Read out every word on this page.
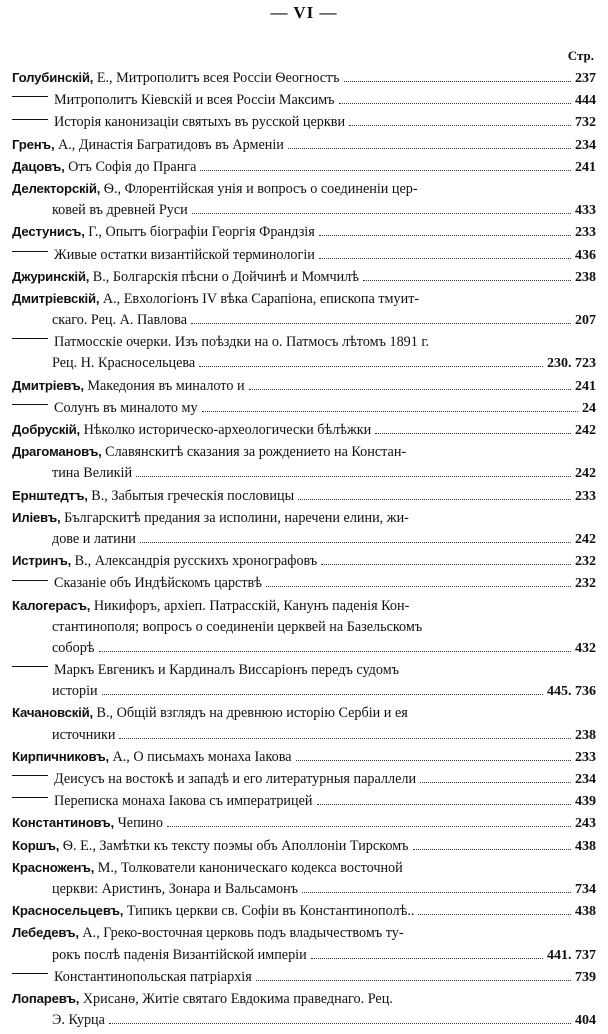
— VI —
Стр.
Голубинскій, Е., Митрополитъ всея Россіи Ѳеогностъ	237
Митрополитъ Кіевскій и всея Россіи Максимъ	444
Исторія канонизаціи святыхъ въ русской церкви	732
Гренъ, А., Династія Багратидовъ въ Арменіи	234
Дацовъ, Отъ Софія до Пранга	241
Делекторскій, Ѳ., Флорентійская унія и вопросъ о соединеніи цер-
ковей въ древней Руси	433
Дестунисъ, Г., Опытъ біографіи Георгія Франдзія	233
Живые остатки византійской терминологіи	436
Джуринскій, В., Болгарскія пѣсни о Дойчинѣ и Момчилѣ	238
Дмитріевскій, А., Евхологіонъ IV вѣка Сарапіона, епископа тмуит-
скаго. Рец. А. Павлова	207
Патмосскіе очерки. Изъ поѣздки на о. Патмосъ лѣтомъ 1891 г.
Рец. Н. Красносельцева	230. 723
Дмитріевъ, Македония въ миналото и	241
Солунъ въ миналото му	24
Добрускій, Нѣколко историческо-археологически бѣлѣжки	242
Драгомановъ, Славянскитѣ сказания за рождението на Констан-
тина Великій	242
Ернштедтъ, В., Забытыя греческія пословицы	233
Иліевъ, Българскитѣ предания за исполини, наречени елини, жи-
дове и латини	242
Истринъ, В., Александрія русскихъ хронографовъ	232
Сказаніе объ Индѣйскомъ царствѣ	232
Калогерасъ, Никифоръ, архіеп. Патрасскій, Канунъ паденія Кон-
стантинополя; вопросъ о соединеніи церквей на Базельскомъ
соборѣ	432
Маркъ Евгеникъ и Кардиналъ Виссаріонъ передъ судомъ
исторіи	445. 736
Качановскій, В., Общій взглядъ на древнюю исторію Сербіи и ея
источники	238
Кирпичниковъ, А., О письмахъ монаха Іакова	233
Деисусъ на востокѣ и западѣ и его литературныя параллели	234
Переписка монаха Іакова съ императрицей	439
Константиновъ, Чепино	243
Коршъ, Ѳ. Е., Замѣтки къ тексту поэмы объ Аполлоніи Тирскомъ	438
Красноженъ, М., Толкователи каноническаго кодекса восточной
церкви: Аристинъ, Зонара и Вальсамонъ	734
Красносельцевъ, Типикъ церкви св. Софіи въ Константинополѣ..	438
Лебедевъ, А., Греко-восточная церковь подъ владычествомъ ту-
рокъ послѣ паденія Византійской имперіи	441. 737
Константинопольская патріархія	739
Лопаревъ, Хрисанѳ, Житіе святаго Евдокима праведнаго. Рец.
Э. Курца	404
